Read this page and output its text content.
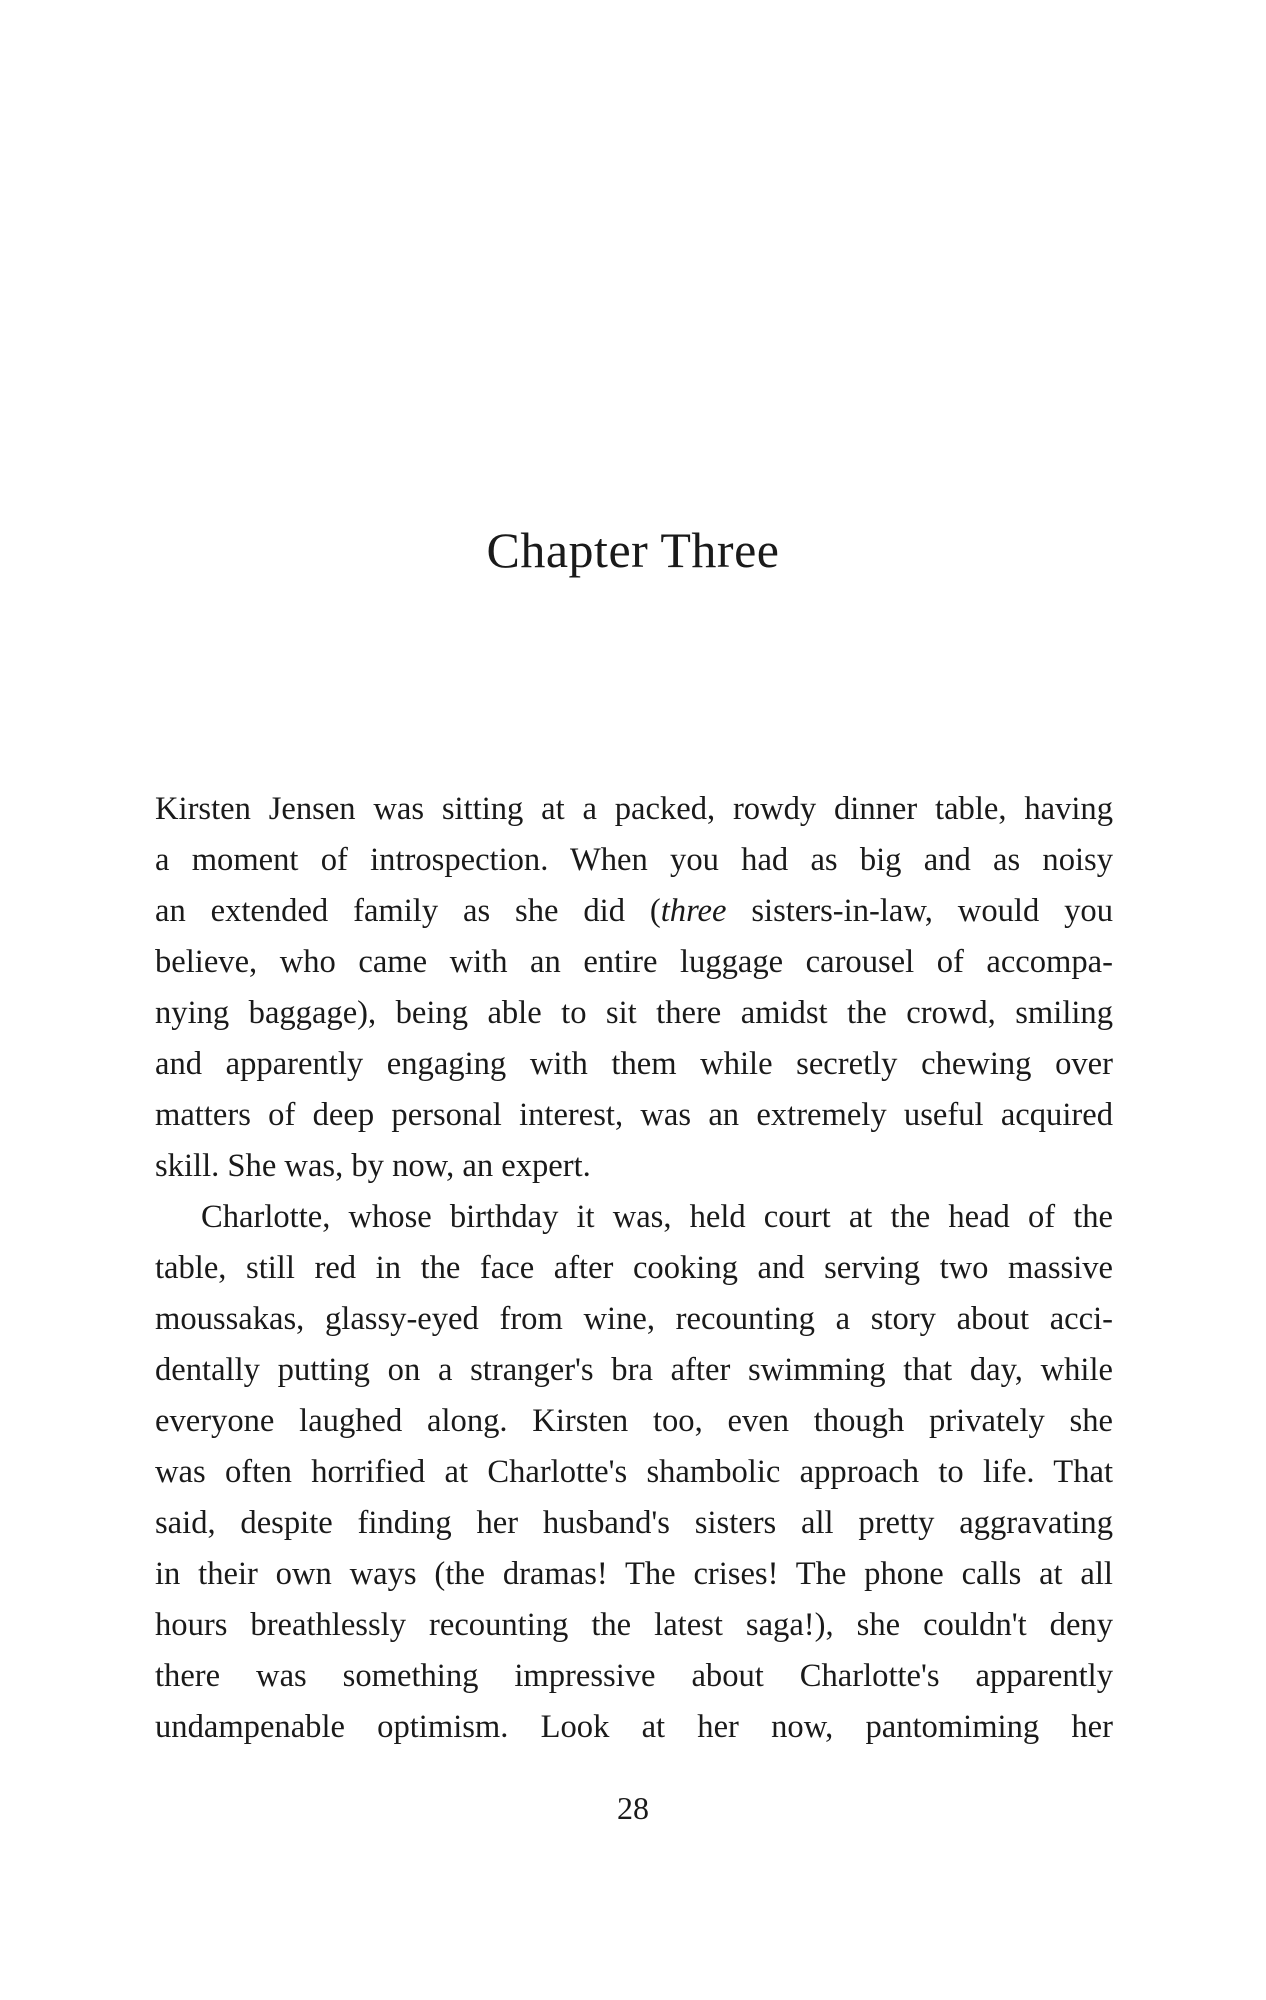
Chapter Three
Kirsten Jensen was sitting at a packed, rowdy dinner table, having
a moment of introspection. When you had as big and as noisy
an extended family as she did (three sisters-in-law, would you
believe, who came with an entire luggage carousel of accompa-
nying baggage), being able to sit there amidst the crowd, smiling
and apparently engaging with them while secretly chewing over
matters of deep personal interest, was an extremely useful acquired
skill. She was, by now, an expert.
Charlotte, whose birthday it was, held court at the head of the
table, still red in the face after cooking and serving two massive
moussakas, glassy-eyed from wine, recounting a story about acci-
dentally putting on a stranger's bra after swimming that day, while
everyone laughed along. Kirsten too, even though privately she
was often horrified at Charlotte's shambolic approach to life. That
said, despite finding her husband's sisters all pretty aggravating
in their own ways (the dramas! The crises! The phone calls at all
hours breathlessly recounting the latest saga!), she couldn't deny
there was something impressive about Charlotte's apparently
undampenable optimism. Look at her now, pantomiming her
28
